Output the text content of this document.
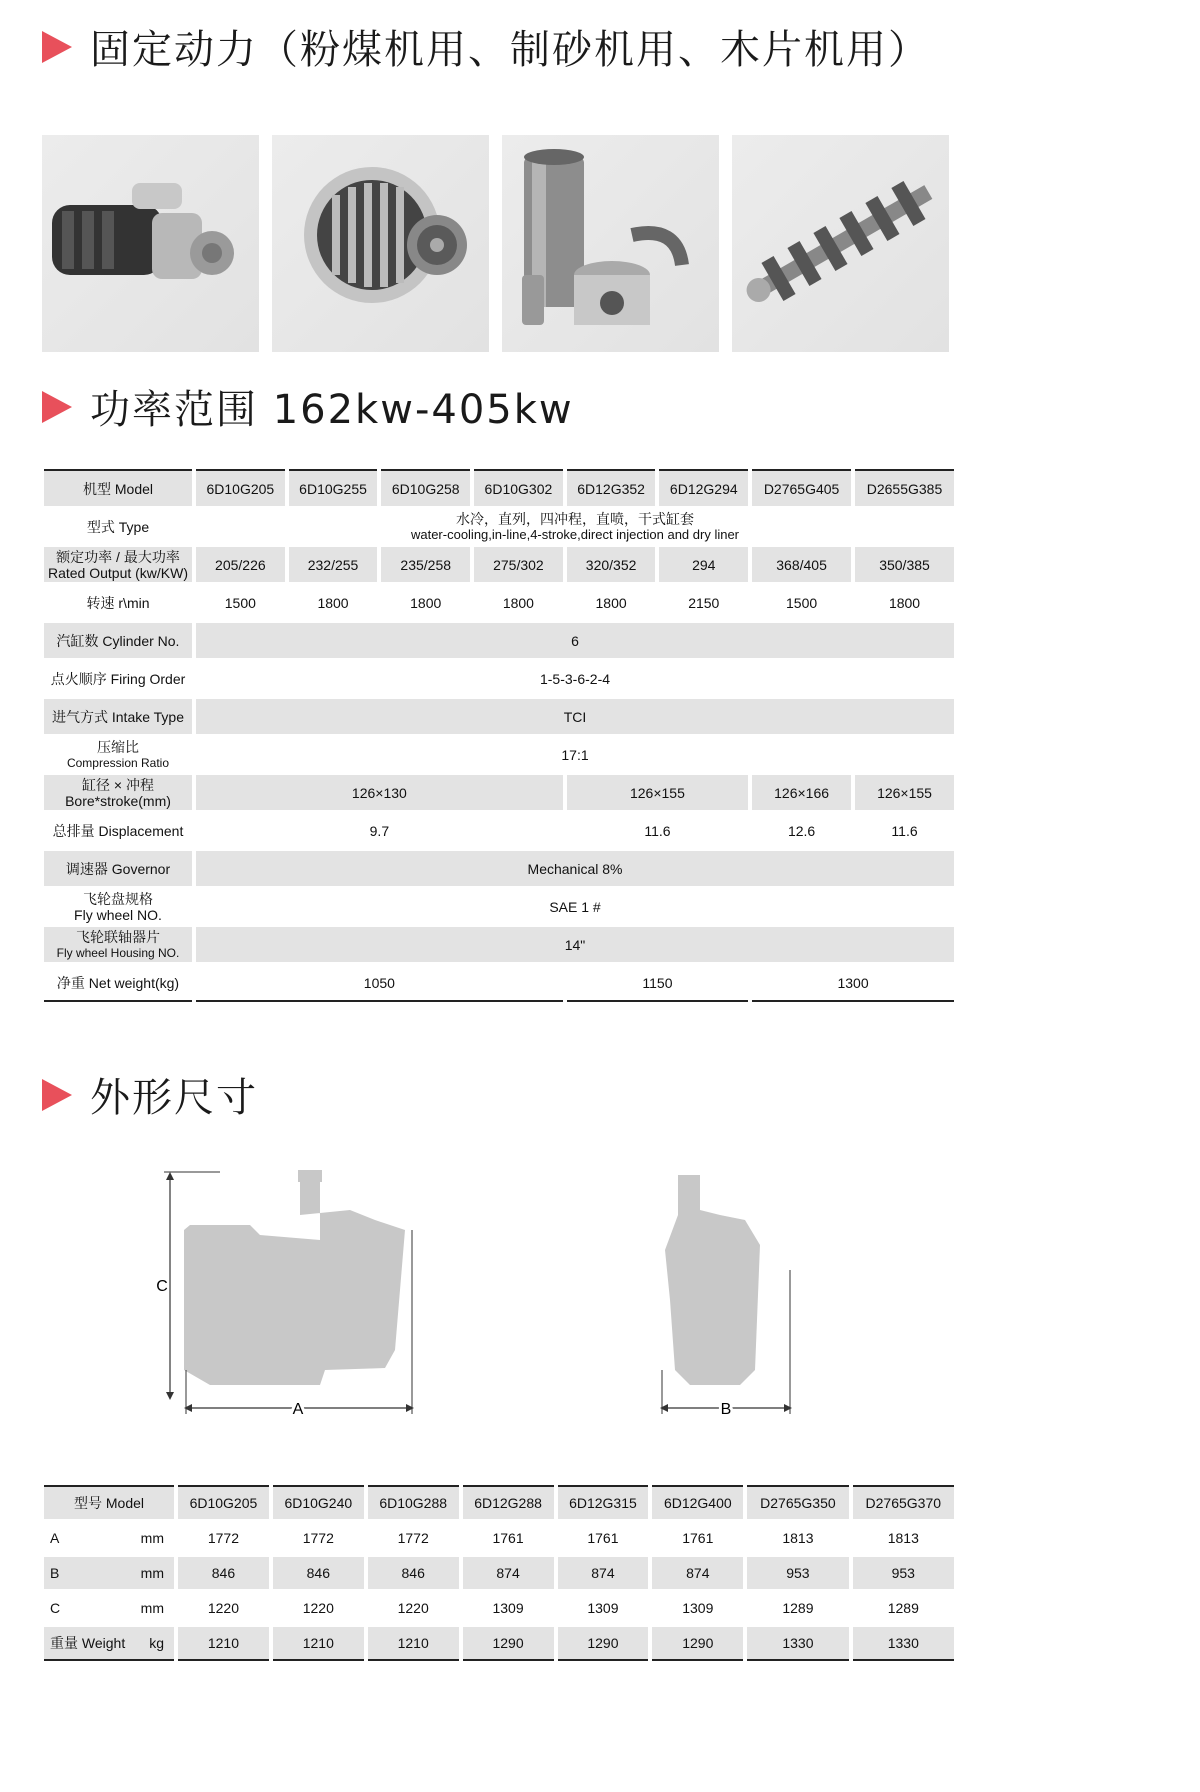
固定动力（粉煤机用、制砂机用、木片机用）
功率范围 162kw-405kw
机型 Model	6D10G205	6D10G255	6D10G258	6D10G302	6D12G352	6D12G294	D2765G405	D2655G385
型式 Type	水冷，直列，四冲程，直喷，干式缸套
water-cooling,in-line,4-stroke,direct injection and dry liner							

额定功率 / 最大功率
Rated Output (kw/KW)	205/226	232/255	235/258	275/302	320/352	294	368/405	350/385
转速 r\min	1500	1800	1800	1800	1800	2150	1500	1800
汽缸数 Cylinder No.	6							
点火顺序 Firing Order	1-5-3-6-2-4							
进气方式 Intake Type	TCI							

压缩比
Compression Ratio	17:1							

缸径 × 冲程
Bore*stroke(mm)	126×130				126×155		126×166	126×155
总排量 Displacement	9.7				11.6		12.6	11.6
调速器 Governor	Mechanical 8%							

飞轮盘规格
Fly wheel NO.	SAE 1 #							

飞轮联轴器片
Fly wheel Housing NO.	14"							
净重 Net weight(kg)	1050				1150		1300	
外形尺寸
C
A	B
型号 Model	6D10G205	6D10G240	6D10G288	6D12G288	6D12G315	6D12G400	D2765G350	D2765G370
A mm	1772	1772	1772	1761	1761	1761	1813	1813
B mm	846	846	846	874	874	874	953	953
C mm	1220	1220	1220	1309	1309	1309	1289	1289
重量 Weight kg	1210	1210	1210	1290	1290	1290	1330	1330
